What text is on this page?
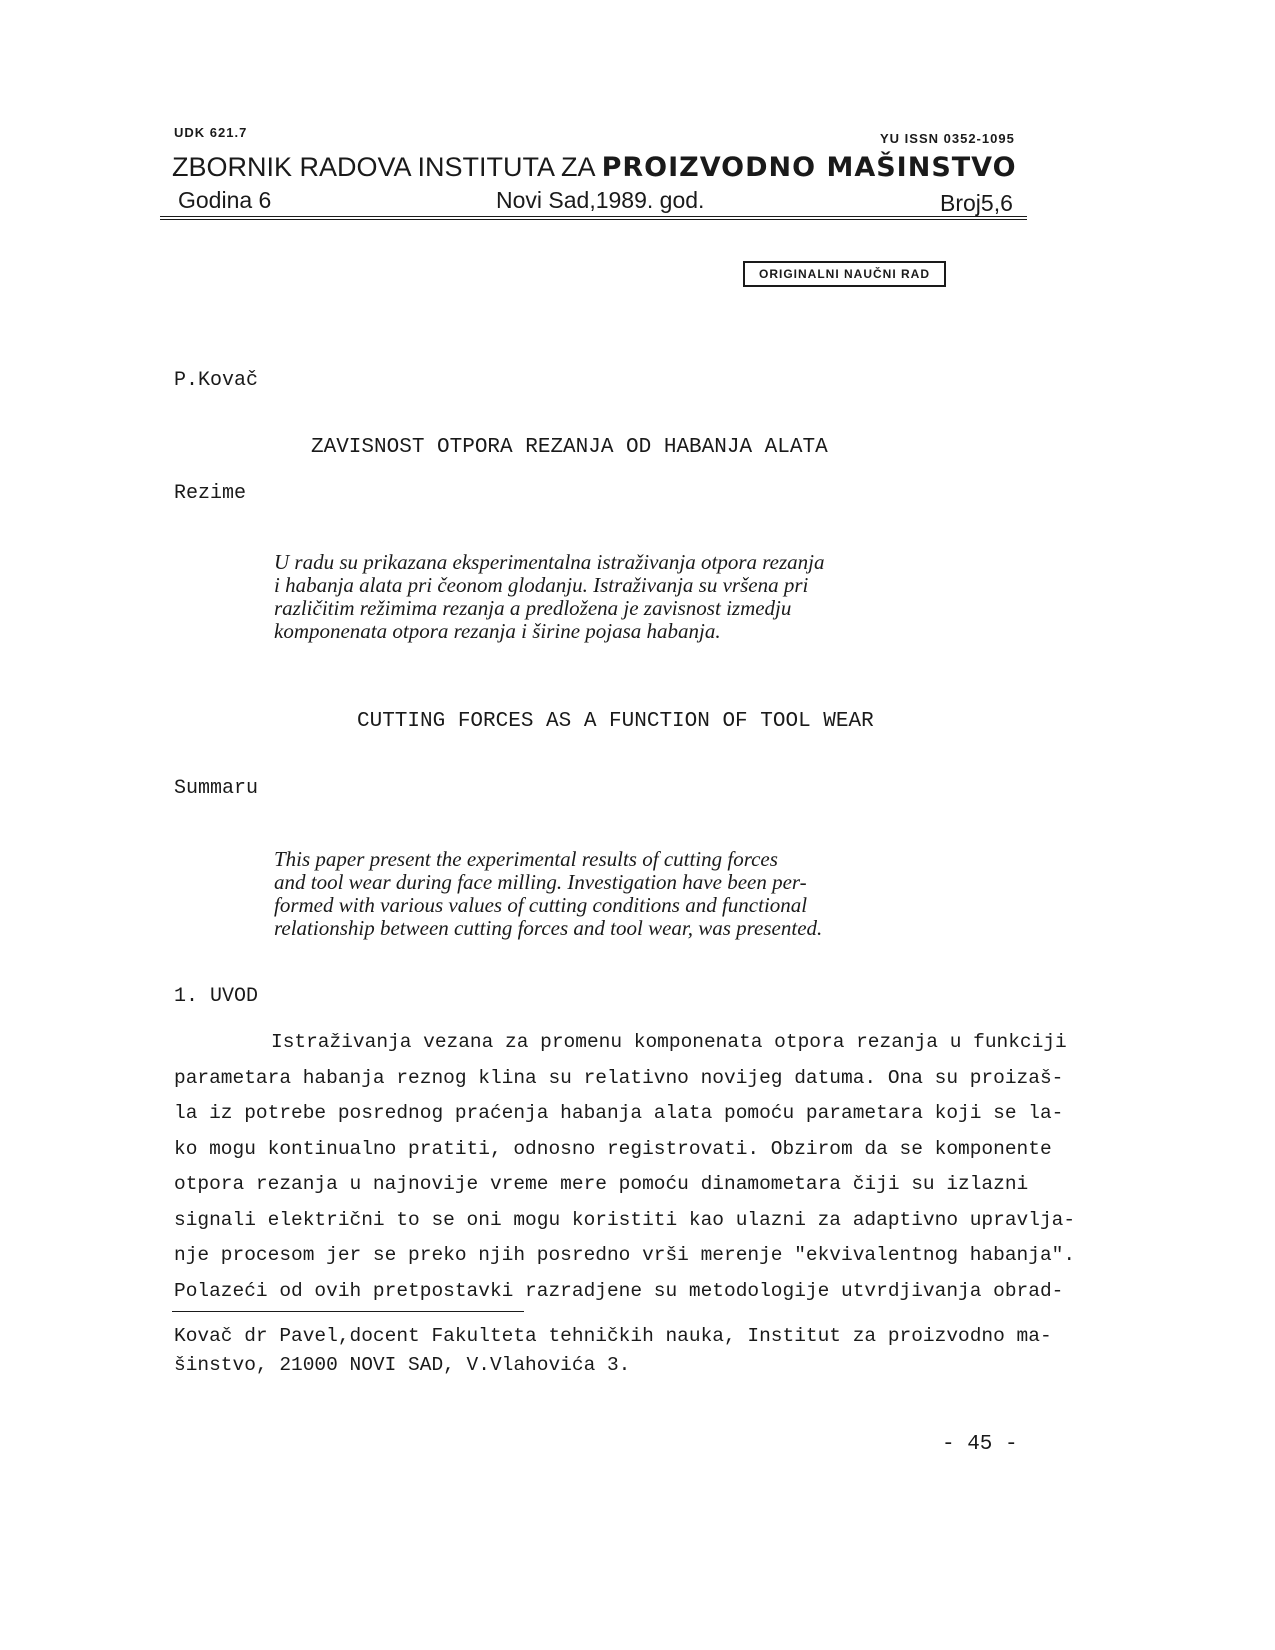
UDK 621.7	YU ISSN 0352-1095
ZBORNIK RADOVA INSTITUTA ZA PROIZVODNO MAŠINSTVO
Godina 6	Novi Sad,1989. god.	Broj5,6
ORIGINALNI NAUČNI RAD
P.Kovač
ZAVISNOST OTPORA REZANJA OD HABANJA ALATA
Rezime
U radu su prikazana eksperimentalna istraživanja otpora rezanja
i habanja alata pri čeonom glodanju. Istraživanja su vršena pri
različitim režimima rezanja a predložena je zavisnost izmedju
komponenata otpora rezanja i širine pojasa habanja.
CUTTING FORCES AS A FUNCTION OF TOOL WEAR
Summaru
This paper present the experimental results of cutting forces
and tool wear during face milling. Investigation have been per-
formed with various values of cutting conditions and functional
relationship between cutting forces and tool wear, was presented.
1. UVOD
Istraživanja vezana za promenu komponenata otpora rezanja u funkciji
parametara habanja reznog klina su relativno novijeg datuma. Ona su proizaš-
la iz potrebe posrednog praćenja habanja alata pomoću parametara koji se la-
ko mogu kontinualno pratiti, odnosno registrovati. Obzirom da se komponente
otpora rezanja u najnovije vreme mere pomoću dinamometara čiji su izlazni
signali električni to se oni mogu koristiti kao ulazni za adaptivno upravlja-
nje procesom jer se preko njih posredno vrši merenje "ekvivalentnog habanja".
Polazeći od ovih pretpostavki razradjene su metodologije utvrdjivanja obrad-
Kovač dr Pavel,docent Fakulteta tehničkih nauka, Institut za proizvodno ma-
šinstvo, 21000 NOVI SAD, V.Vlahovića 3.
- 45 -
